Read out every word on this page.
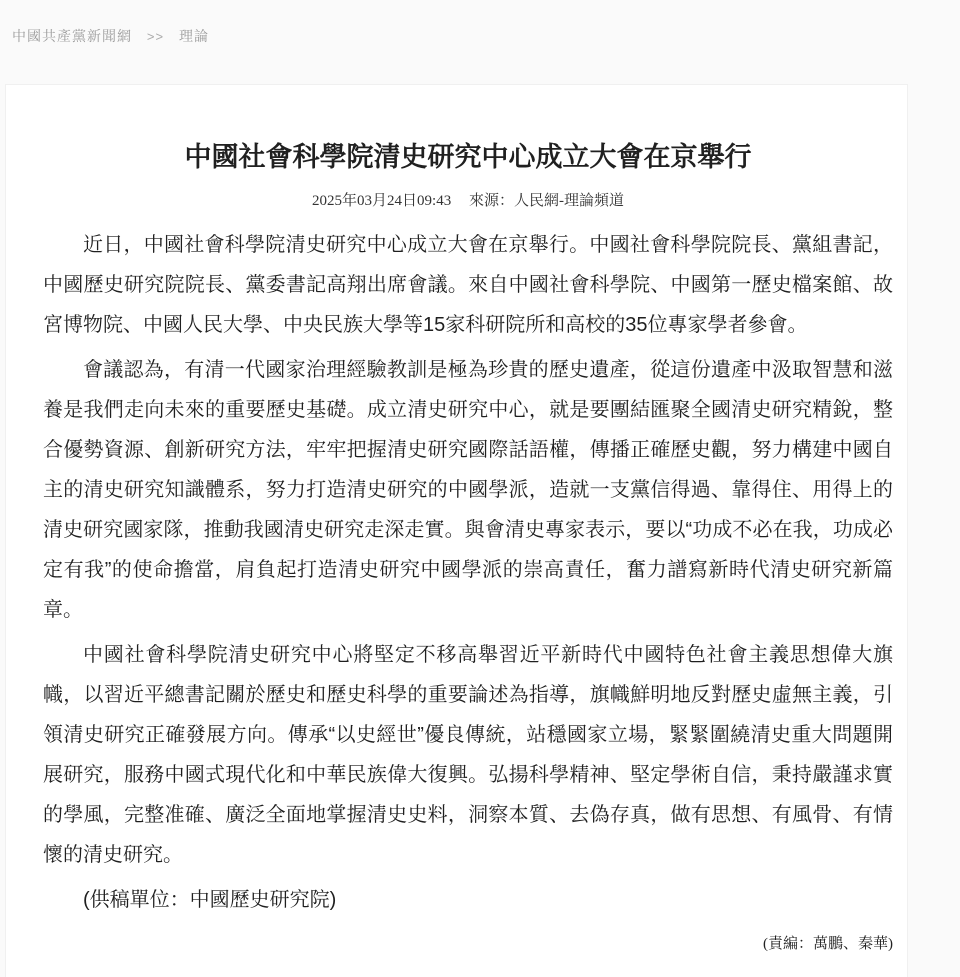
中國共產黨新聞網 >> 理論
中國社會科學院清史研究中心成立大會在京舉行
2025年03月24日09:43 來源：人民網-理論頻道

近日，中國社會科學院清史研究中心成立大會在京舉行。中國社會科學院院長、黨組書記，中國歷史研究院院長、黨委書記高翔出席會議。來自中國社會科學院、中國第一歷史檔案館、故宮博物院、中國人民大學、中央民族大學等15家科研院所和高校的35位專家學者參會。

會議認為，有清一代國家治理經驗教訓是極為珍貴的歷史遺產，從這份遺產中汲取智慧和滋養是我們走向未來的重要歷史基礎。成立清史研究中心，就是要團結匯聚全國清史研究精銳，整合優勢資源、創新研究方法，牢牢把握清史研究國際話語權，傳播正確歷史觀，努力構建中國自主的清史研究知識體系，努力打造清史研究的中國學派，造就一支黨信得過、靠得住、用得上的清史研究國家隊，推動我國清史研究走深走實。與會清史專家表示，要以“功成不必在我，功成必定有我”的使命擔當，肩負起打造清史研究中國學派的崇高責任，奮力譜寫新時代清史研究新篇章。

中國社會科學院清史研究中心將堅定不移高舉習近平新時代中國特色社會主義思想偉大旗幟，以習近平總書記關於歷史和歷史科學的重要論述為指導，旗幟鮮明地反對歷史虛無主義，引領清史研究正確發展方向。傳承“以史經世”優良傳統，站穩國家立場，緊緊圍繞清史重大問題開展研究，服務中國式現代化和中華民族偉大復興。弘揚科學精神、堅定學術自信，秉持嚴謹求實的學風，完整准確、廣泛全面地掌握清史史料，洞察本質、去偽存真，做有思想、有風骨、有情懷的清史研究。

(供稿單位：中國歷史研究院)

(責編：萬鵬、秦華)
